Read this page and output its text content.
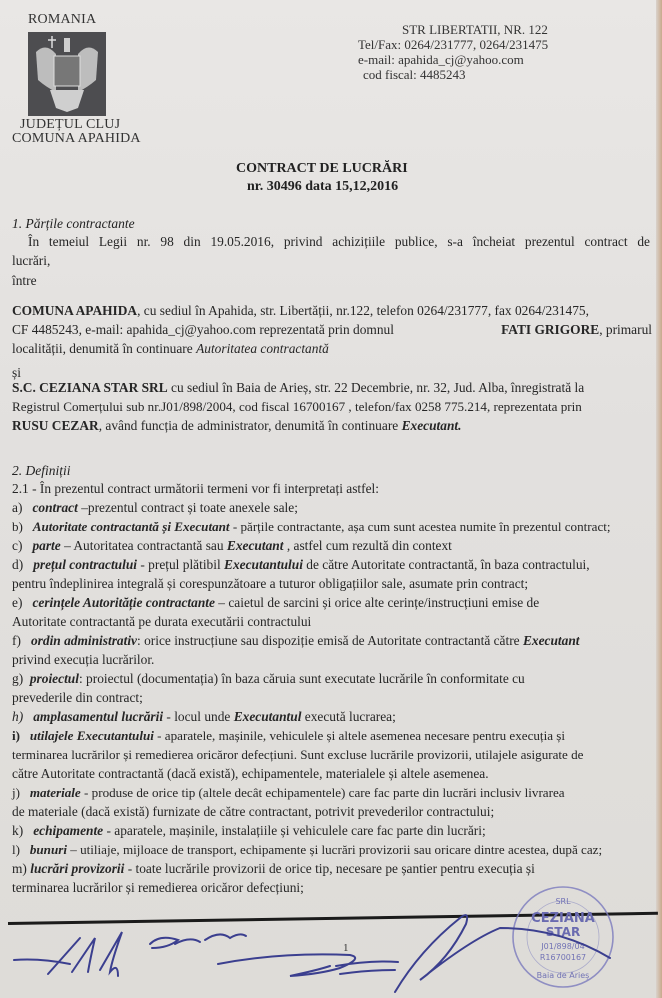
ROMANIA
JUDEȚUL CLUJ
COMUNA APAHIDA
STR LIBERTATII, NR. 122
Tel/Fax: 0264/231777, 0264/231475
e-mail: apahida_cj@yahoo.com
cod fiscal: 4485243
CONTRACT DE LUCRĂRI
nr. 30496 data 15,12,2016
1. Părțile contractante
În temeiul Legii nr. 98 din 19.05.2016, privind achizițiile publice, s-a încheiat prezentul contract de
lucrări,
între
COMUNA APAHIDA, cu sediul în Apahida, str. Libertății, nr.122, telefon 0264/231777, fax 0264/231475,
CF 4485243, e-mail: apahida_cj@yahoo.com reprezentată prin domnul	FATI GRIGORE, primarul
localității, denumită în continuare Autoritatea contractantă
și
S.C. CEZIANA STAR SRL cu sediul în Baia de Arieș, str. 22 Decembrie, nr. 32, Jud. Alba, înregistrată la
Registrul Comerțului sub nr.J01/898/2004, cod fiscal 16700167 , telefon/fax 0258 775.214, reprezentata prin
RUSU CEZAR, având funcția de administrator, denumită în continuare Executant.
2. Definiții
2.1 - În prezentul contract următorii termeni vor fi interpretați astfel:
a) contract –prezentul contract și toate anexele sale;
b) Autoritate contractantă și Executant - părțile contractante, așa cum sunt acestea numite în prezentul contract;
c) parte – Autoritatea contractantă sau Executant , astfel cum rezultă din context
d) prețul contractului - prețul plătibil Executantului de către Autoritate contractantă, în baza contractului,
pentru îndeplinirea integrală și corespunzătoare a tuturor obligațiilor sale, asumate prin contract;
e) cerințele Autorităție contractante – caietul de sarcini și orice alte cerințe/instrucțiuni emise de
Autoritate contractantă pe durata executării contractului
f) ordin administrativ: orice instrucțiune sau dispoziție emisă de Autoritate contractantă către Executant
privind execuția lucrărilor.
g) proiectul: proiectul (documentația) în baza căruia sunt executate lucrările în conformitate cu
prevederile din contract;
h) amplasamentul lucrării - locul unde Executantul execută lucrarea;
i) utilajele Executantului - aparatele, mașinile, vehiculele și altele asemenea necesare pentru execuția și
terminarea lucrărilor și remedierea oricăror defecțiuni. Sunt excluse lucrările provizorii, utilajele asigurate de
către Autoritate contractantă (dacă există), echipamentele, materialele și altele asemenea.
j) materiale - produse de orice tip (altele decât echipamentele) care fac parte din lucrări inclusiv livrarea
de materiale (dacă există) furnizate de către contractant, potrivit prevederilor contractului;
k) echipamente - aparatele, mașinile, instalațiile și vehiculele care fac parte din lucrări;
l) bunuri – utiliaje, mijloace de transport, echipamente și lucrări provizorii sau oricare dintre acestea, după caz;
m) lucrări provizorii - toate lucrările provizorii de orice tip, necesare pe șantier pentru execuția și
terminarea lucrărilor și remedierea oricăror defecțiuni;
1
SRL
CEZIANA
STAR
J01/898/04
R16700167
Baia de Arieș
